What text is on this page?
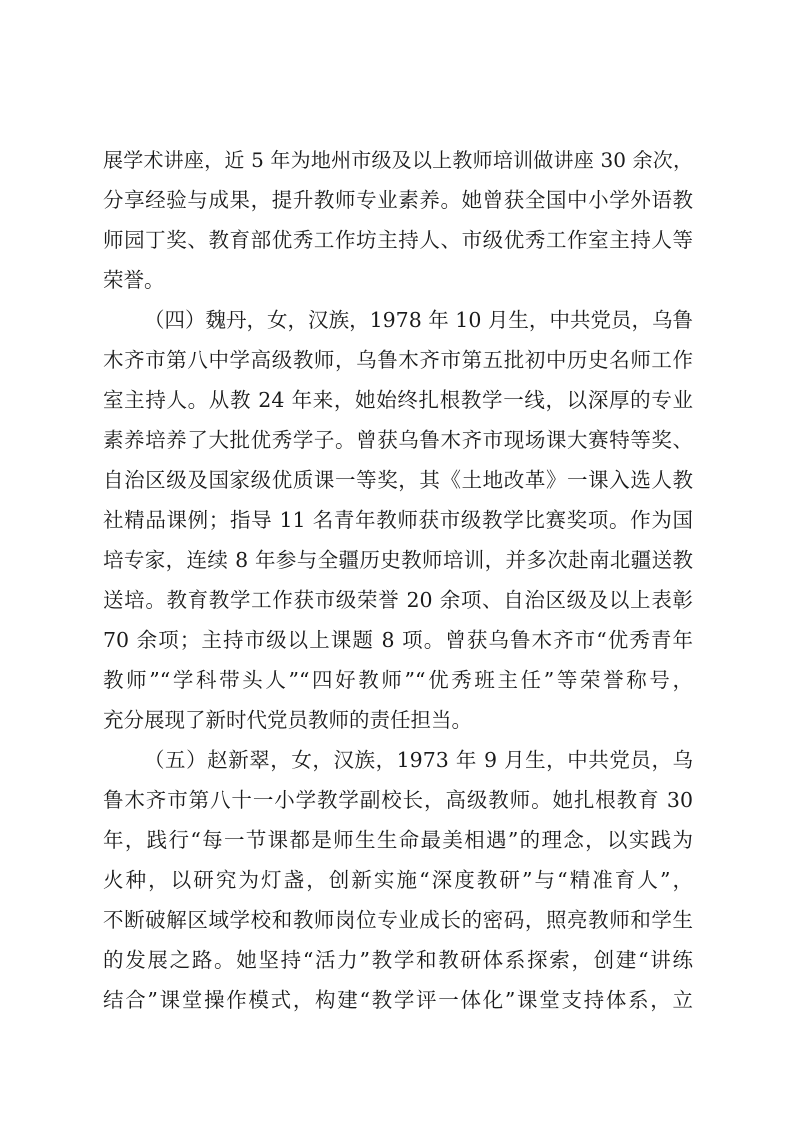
展学术讲座，近 5 年为地州市级及以上教师培训做讲座 30 余次，
分享经验与成果，提升教师专业素养。她曾获全国中小学外语教
师园丁奖、教育部优秀工作坊主持人、市级优秀工作室主持人等
荣誉。
（四）魏丹，女，汉族，1978 年 10 月生，中共党员，乌鲁
木齐市第八中学高级教师，乌鲁木齐市第五批初中历史名师工作
室主持人。从教 24 年来，她始终扎根教学一线，以深厚的专业
素养培养了大批优秀学子。曾获乌鲁木齐市现场课大赛特等奖、
自治区级及国家级优质课一等奖，其《土地改革》一课入选人教
社精品课例；指导 11 名青年教师获市级教学比赛奖项。作为国
培专家，连续 8 年参与全疆历史教师培训，并多次赴南北疆送教
送培。教育教学工作获市级荣誉 20 余项、自治区级及以上表彰
70 余项；主持市级以上课题 8 项。曾获乌鲁木齐市“优秀青年
教师”“学科带头人”“四好教师”“优秀班主任”等荣誉称号，
充分展现了新时代党员教师的责任担当。
（五）赵新翠，女，汉族，1973 年 9 月生，中共党员，乌
鲁木齐市第八十一小学教学副校长，高级教师。她扎根教育 30
年，践行“每一节课都是师生生命最美相遇”的理念，以实践为
火种，以研究为灯盏，创新实施“深度教研”与“精准育人”，
不断破解区域学校和教师岗位专业成长的密码，照亮教师和学生
的发展之路。她坚持“活力”教学和教研体系探索，创建“讲练
结合”课堂操作模式，构建“教学评一体化”课堂支持体系，立
